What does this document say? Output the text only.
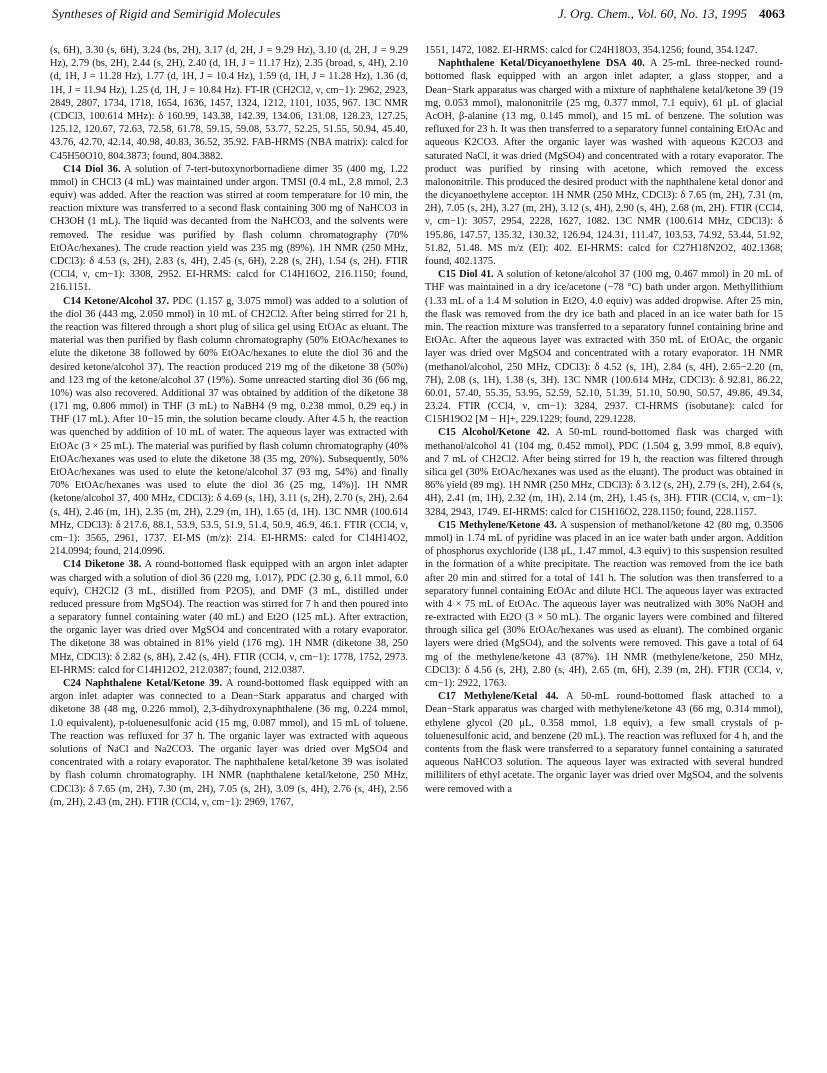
Syntheses of Rigid and Semirigid Molecules	J. Org. Chem., Vol. 60, No. 13, 1995 4063

(s, 6H), 3.30 (s, 6H), 3.24 (bs, 2H), 3.17 (d, 2H, J = 9.29 Hz), 3.10 (d, 2H, J = 9.29 Hz), 2.79 (bs, 2H), 2.44 (s, 2H), 2.40 (d, 1H, J = 11.17 Hz), 2.35 (broad, s, 4H), 2.10 (d, 1H, J = 11.28 Hz), 1.77 (d, 1H, J = 10.4 Hz), 1.59 (d, 1H, J = 11.28 Hz), 1.36 (d, 1H, J = 11.94 Hz), 1.25 (d, 1H, J = 10.84 Hz). FT-IR (CH2Cl2, ν, cm−1): 2962, 2923, 2849, 2807, 1734, 1718, 1654, 1636, 1457, 1324, 1212, 1101, 1035, 967. 13C NMR (CDCl3, 100.614 MHz): δ 160.99, 143.38, 142.39, 134.06, 131.08, 128.23, 127.25, 125.12, 120.67, 72.63, 72.58, 61.78, 59.15, 59.08, 53.77, 52.25, 51.55, 50.94, 45.40, 43.76, 42.70, 42.14, 40.98, 40.83, 36.52, 35.92. FAB-HRMS (NBA matrix): calcd for C45H50O10, 804.3873; found, 804.3882.

C14 Diol 36. A solution of 7-tert-butoxynorbornadiene dimer 35 (400 mg, 1.22 mmol) in CHCl3 (4 mL) was maintained under argon. TMSI (0.4 mL, 2.8 mmol, 2.3 equiv) was added. After the reaction was stirred at room temperature for 10 min, the reaction mixture was transferred to a second flask containing 300 mg of NaHCO3 in CH3OH (1 mL). The liquid was decanted from the NaHCO3, and the solvents were removed. The residue was purified by flash column chromatography (70% EtOAc/hexanes). The crude reaction yield was 235 mg (89%). 1H NMR (250 MHz, CDCl3): δ 4.53 (s, 2H), 2.83 (s, 4H), 2.45 (s, 6H), 2.28 (s, 2H), 1.54 (s, 2H). FTIR (CCl4, ν, cm−1): 3308, 2952. EI-HRMS: calcd for C14H16O2, 216.1150; found, 216.1151.

C14 Ketone/Alcohol 37. PDC (1.157 g, 3.075 mmol) was added to a solution of the diol 36 (443 mg, 2.050 mmol) in 10 mL of CH2Cl2. After being stirred for 21 h, the reaction was filtered through a short plug of silica gel using EtOAc as eluant. The material was then purified by flash column chromatography (50% EtOAc/hexanes to elute the diketone 38 followed by 60% EtOAc/hexanes to elute the diol 36 and the desired ketone/alcohol 37). The reaction produced 219 mg of the diketone 38 (50%) and 123 mg of the ketone/alcohol 37 (19%). Some unreacted starting diol 36 (66 mg, 10%) was also recovered. Additional 37 was obtained by addition of the diketone 38 (171 mg, 0.806 mmol) in THF (3 mL) to NaBH4 (9 mg, 0.238 mmol, 0.29 eq.) in THF (17 mL). After 10−15 min, the solution became cloudy. After 4.5 h, the reaction was quenched by addition of 10 mL of water. The aqueous layer was extracted with EtOAc (3 × 25 mL). The material was purified by flash column chromatography (40% EtOAc/hexanes was used to elute the diketone 38 (35 mg, 20%). Subsequently, 50% EtOAc/hexanes was used to elute the ketone/alcohol 37 (93 mg, 54%) and finally 70% EtOAc/hexanes was used to elute the diol 36 (25 mg, 14%)]. 1H NMR (ketone/alcohol 37, 400 MHz, CDCl3): δ 4.69 (s, 1H), 3.11 (s, 2H), 2.70 (s, 2H), 2.64 (s, 4H), 2.46 (m, 1H), 2.35 (m, 2H), 2.29 (m, 1H), 1.65 (d, 1H). 13C NMR (100.614 MHz, CDCl3): δ 217.6, 88.1, 53.9, 53.5, 51.9, 51.4, 50.9, 46.9, 46.1. FTIR (CCl4, ν, cm−1): 3565, 2961, 1737. EI-MS (m/z): 214. EI-HRMS: calcd for C14H14O2, 214.0994; found, 214.0996.

C14 Diketone 38. A round-bottomed flask equipped with an argon inlet adapter was charged with a solution of diol 36 (220 mg, 1.017), PDC (2.30 g, 6.11 mmol, 6.0 equiv), CH2Cl2 (3 mL, distilled from P2O5), and DMF (3 mL, distilled under reduced pressure from MgSO4). The reaction was stirred for 7 h and then poured into a separatory funnel containing water (40 mL) and Et2O (125 mL). After extraction, the organic layer was dried over MgSO4 and concentrated with a rotary evaporator. The diketone 38 was obtained in 81% yield (176 mg). 1H NMR (diketone 38, 250 MHz, CDCl3): δ 2.82 (s, 8H), 2.42 (s, 4H). FTIR (CCl4, ν, cm−1): 1778, 1752, 2973. EI-HRMS: calcd for C14H12O2, 212.0387; found, 212.0387.

C24 Naphthalene Ketal/Ketone 39. A round-bottomed flask equipped with an argon inlet adapter was connected to a Dean−Stark apparatus and charged with diketone 38 (48 mg, 0.226 mmol), 2,3-dihydroxynaphthalene (36 mg, 0.224 mmol, 1.0 equivalent), p-toluenesulfonic acid (15 mg, 0.087 mmol), and 15 mL of toluene. The reaction was refluxed for 37 h. The organic layer was extracted with aqueous solutions of NaCl and Na2CO3. The organic layer was dried over MgSO4 and concentrated with a rotary evaporator. The naphthalene ketal/ketone 39 was isolated by flash column chromatography. 1H NMR (naphthalene ketal/ketone, 250 MHz, CDCl3): δ 7.65 (m, 2H), 7.30 (m, 2H), 7.05 (s, 2H), 3.09 (s, 4H), 2.76 (s, 4H), 2.56 (m, 2H), 2.43 (m, 2H). FTIR (CCl4, ν, cm−1): 2969, 1767,

1551, 1472, 1082. EI-HRMS: calcd for C24H18O3, 354.1256; found, 354.1247.

Naphthalene Ketal/Dicyanoethylene DSA 40. A 25-mL three-necked round-bottomed flask equipped with an argon inlet adapter, a glass stopper, and a Dean−Stark apparatus was charged with a mixture of naphthalene ketal/ketone 39 (19 mg, 0.053 mmol), malononitrile (25 mg, 0.377 mmol, 7.1 equiv), 61 μL of glacial AcOH, β-alanine (13 mg, 0.145 mmol), and 15 mL of benzene. The solution was refluxed for 23 h. It was then transferred to a separatory funnel containing EtOAc and aqueous K2CO3. After the organic layer was washed with aqueous K2CO3 and saturated NaCl, it was dried (MgSO4) and concentrated with a rotary evaporator. The product was purified by rinsing with acetone, which removed the excess malononitrile. This produced the desired product with the naphthalene ketal donor and the dicyanoethylene acceptor. 1H NMR (250 MHz, CDCl3): δ 7.65 (m, 2H), 7.31 (m, 2H), 7.05 (s, 2H), 3.27 (m, 2H), 3.12 (s, 4H), 2.90 (s, 4H), 2.68 (m, 2H). FTIR (CCl4, ν, cm−1): 3057, 2954, 2228, 1627, 1082. 13C NMR (100.614 MHz, CDCl3): δ 195.86, 147.57, 135.32, 130.32, 126.94, 124.31, 111.47, 103.53, 74.92, 53.44, 51.92, 51.82, 51.48. MS m/z (EI): 402. EI-HRMS: calcd for C27H18N2O2, 402.1368; found, 402.1375.

C15 Diol 41. A solution of ketone/alcohol 37 (100 mg, 0.467 mmol) in 20 mL of THF was maintained in a dry ice/acetone (−78 °C) bath under argon. Methyllithium (1.33 mL of a 1.4 M solution in Et2O, 4.0 equiv) was added dropwise. After 25 min, the flask was removed from the dry ice bath and placed in an ice water bath for 15 min. The reaction mixture was transferred to a separatory funnel containing brine and EtOAc. After the aqueous layer was extracted with 350 mL of EtOAc, the organic layer was dried over MgSO4 and concentrated with a rotary evaporator. 1H NMR (methanol/alcohol, 250 MHz, CDCl3): δ 4.52 (s, 1H), 2.84 (s, 4H), 2.65−2.20 (m, 7H), 2.08 (s, 1H), 1.38 (s, 3H). 13C NMR (100.614 MHz, CDCl3): δ 92.81, 86.22, 60.01, 57.40, 55.35, 53.95, 52.59, 52.10, 51.39, 51.10, 50.90, 50.57, 49.86, 49.34, 23.24. FTIR (CCl4, ν, cm−1): 3284, 2937. CI-HRMS (isobutane): calcd for C15H19O2 [M − H]+, 229.1229; found, 229.1228.

C15 Alcohol/Ketone 42. A 50-mL round-bottomed flask was charged with methanol/alcohol 41 (104 mg, 0.452 mmol), PDC (1.504 g, 3.99 mmol, 8.8 equiv), and 7 mL of CH2Cl2. After being stirred for 19 h, the reaction was filtered through silica gel (30% EtOAc/hexanes was used as the eluant). The product was obtained in 86% yield (89 mg). 1H NMR (250 MHz, CDCl3): δ 3.12 (s, 2H), 2.79 (s, 2H), 2.64 (s, 4H), 2.41 (m, 1H), 2.32 (m, 1H), 2.14 (m, 2H), 1.45 (s, 3H). FTIR (CCl4, ν, cm−1): 3284, 2943, 1749. EI-HRMS: calcd for C15H16O2, 228.1150; found, 228.1157.

C15 Methylene/Ketone 43. A suspension of methanol/ketone 42 (80 mg, 0.3506 mmol) in 1.74 mL of pyridine was placed in an ice water bath under argon. Addition of phosphorus oxychloride (138 μL, 1.47 mmol, 4.3 equiv) to this suspension resulted in the formation of a white precipitate. The reaction was removed from the ice bath after 20 min and stirred for a total of 141 h. The solution was then transferred to a separatory funnel containing EtOAc and dilute HCl. The aqueous layer was extracted with 4 × 75 mL of EtOAc. The aqueous layer was neutralized with 30% NaOH and re-extracted with Et2O (3 × 50 mL). The organic layers were combined and filtered through silica gel (30% EtOAc/hexanes was used as eluant). The combined organic layers were dried (MgSO4), and the solvents were removed. This gave a total of 64 mg of the methylene/ketone 43 (87%). 1H NMR (methylene/ketone, 250 MHz, CDCl3): δ 4.56 (s, 2H), 2.80 (s, 4H), 2.65 (m, 6H), 2.39 (m, 2H). FTIR (CCl4, ν, cm−1): 2922, 1763.

C17 Methylene/Ketal 44. A 50-mL round-bottomed flask attached to a Dean−Stark apparatus was charged with methylene/ketone 43 (66 mg, 0.314 mmol), ethylene glycol (20 μL, 0.358 mmol, 1.8 equiv), a few small crystals of p-toluenesulfonic acid, and benzene (20 mL). The reaction was refluxed for 4 h, and the contents from the flask were transferred to a separatory funnel containing a saturated aqueous NaHCO3 solution. The aqueous layer was extracted with several hundred milliliters of ethyl acetate. The organic layer was dried over MgSO4, and the solvents were removed with a
